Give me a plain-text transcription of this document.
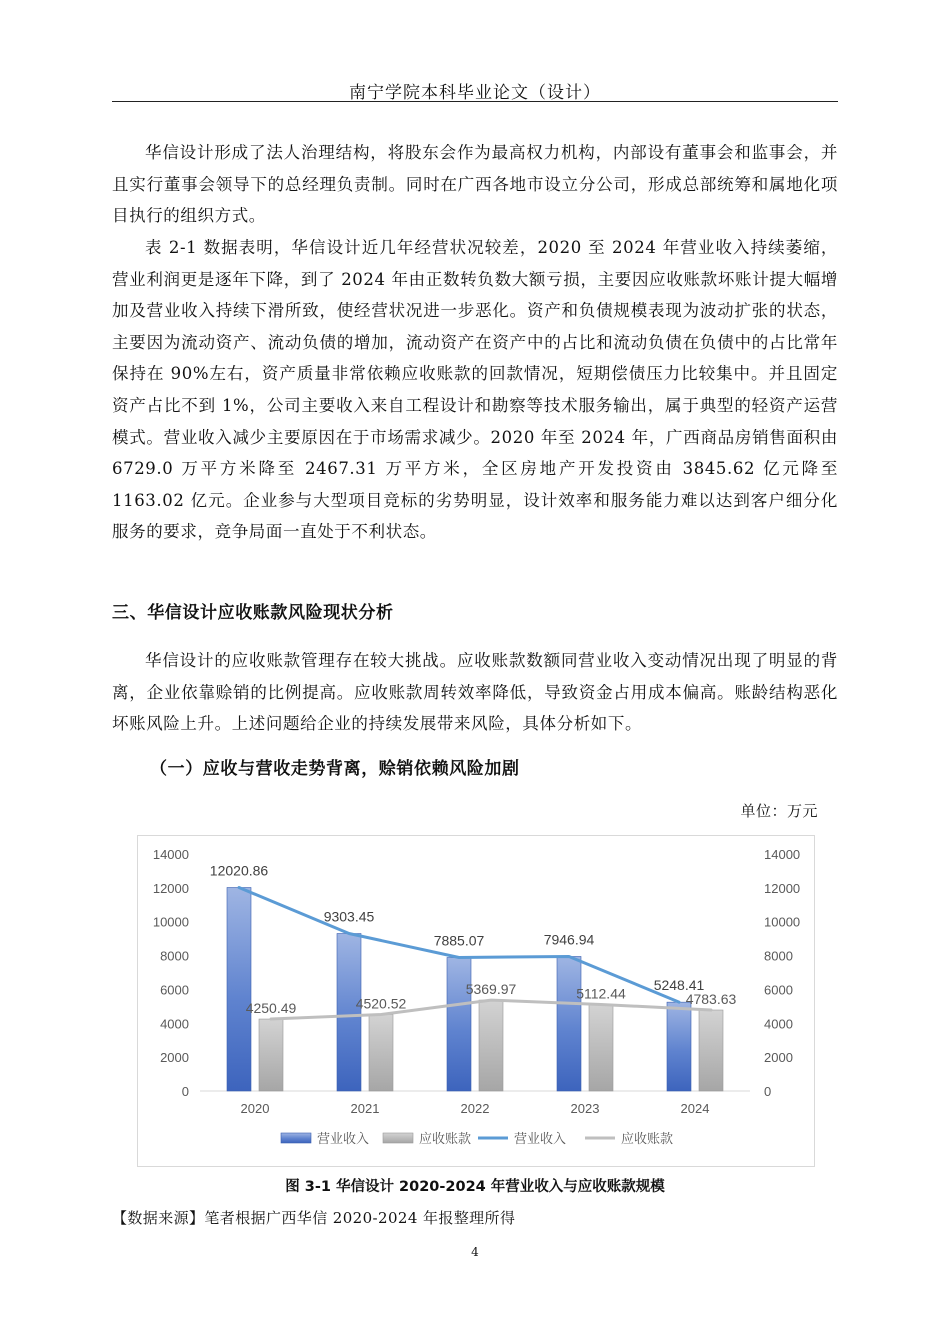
南宁学院本科毕业论文（设计）

华信设计形成了法人治理结构，将股东会作为最高权力机构，内部设有董事会和监事会，并且实行董事会领导下的总经理负责制。同时在广西各地市设立分公司，形成总部统筹和属地化项目执行的组织方式。

表 2-1 数据表明，华信设计近几年经营状况较差，2020 至 2024 年营业收入持续萎缩，营业利润更是逐年下降，到了 2024 年由正数转负数大额亏损，主要因应收账款坏账计提大幅增加及营业收入持续下滑所致，使经营状况进一步恶化。资产和负债规模表现为波动扩张的状态，主要因为流动资产、流动负债的增加，流动资产在资产中的占比和流动负债在负债中的占比常年保持在 90%左右，资产质量非常依赖应收账款的回款情况，短期偿债压力比较集中。并且固定资产占比不到 1%，公司主要收入来自工程设计和勘察等技术服务输出，属于典型的轻资产运营模式。营业收入减少主要原因在于市场需求减少。2020 年至 2024 年，广西商品房销售面积由 6729.0 万平方米降至 2467.31 万平方米，全区房地产开发投资由 3845.62 亿元降至 1163.02 亿元。企业参与大型项目竞标的劣势明显，设计效率和服务能力难以达到客户细分化服务的要求，竞争局面一直处于不利状态。

三、华信设计应收账款风险现状分析

华信设计的应收账款管理存在较大挑战。应收账款数额同营业收入变动情况出现了明显的背离，企业依靠赊销的比例提高。应收账款周转效率降低，导致资金占用成本偏高。账龄结构恶化坏账风险上升。上述问题给企业的持续发展带来风险，具体分析如下。

（一）应收与营收走势背离，赊销依赖风险加剧
单位：万元
0
2000
4000
6000
8000
10000
12000
14000
0
2000
4000
6000
8000
10000
12000
14000
12020.86
9303.45
7885.07	7946.94
5248.41
4250.49	4520.52
5369.97	5112.44	4783.63
2020	2021	2022	2023	2024
营业收入	应收账款	营业收入	应收账款
图 3-1 华信设计 2020-2024 年营业收入与应收账款规模
【数据来源】笔者根据广西华信 2020-2024 年报整理所得
4
